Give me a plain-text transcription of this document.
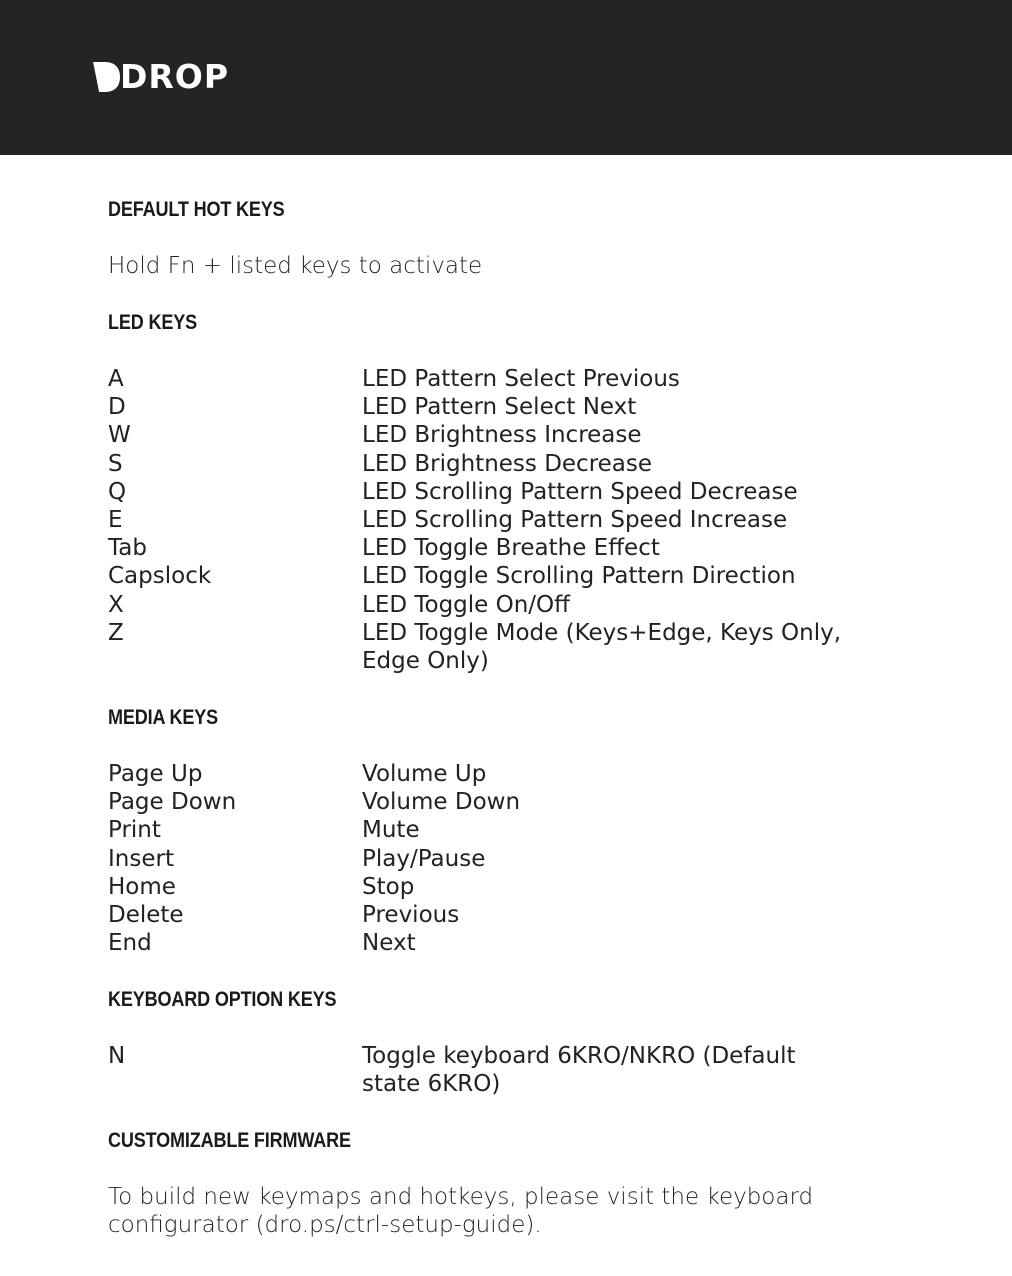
DROP
DEFAULT HOT KEYS
Hold Fn + listed keys to activate
LED KEYS
A	LED Pattern Select Previous
D	LED Pattern Select Next
W	LED Brightness Increase
S	LED Brightness Decrease
Q	LED Scrolling Pattern Speed Decrease
E	LED Scrolling Pattern Speed Increase
Tab	LED Toggle Breathe Effect
Capslock	LED Toggle Scrolling Pattern Direction
X	LED Toggle On/Off
Z	LED Toggle Mode (Keys+Edge, Keys Only, Edge Only)
MEDIA KEYS
Page Up	Volume Up
Page Down	Volume Down
Print	Mute
Insert	Play/Pause
Home	Stop
Delete	Previous
End	Next
KEYBOARD OPTION KEYS
N	Toggle keyboard 6KRO/NKRO (Default state 6KRO)
CUSTOMIZABLE FIRMWARE
To build new keymaps and hotkeys, please visit the keyboard
configurator (dro.ps/ctrl-setup-guide).
